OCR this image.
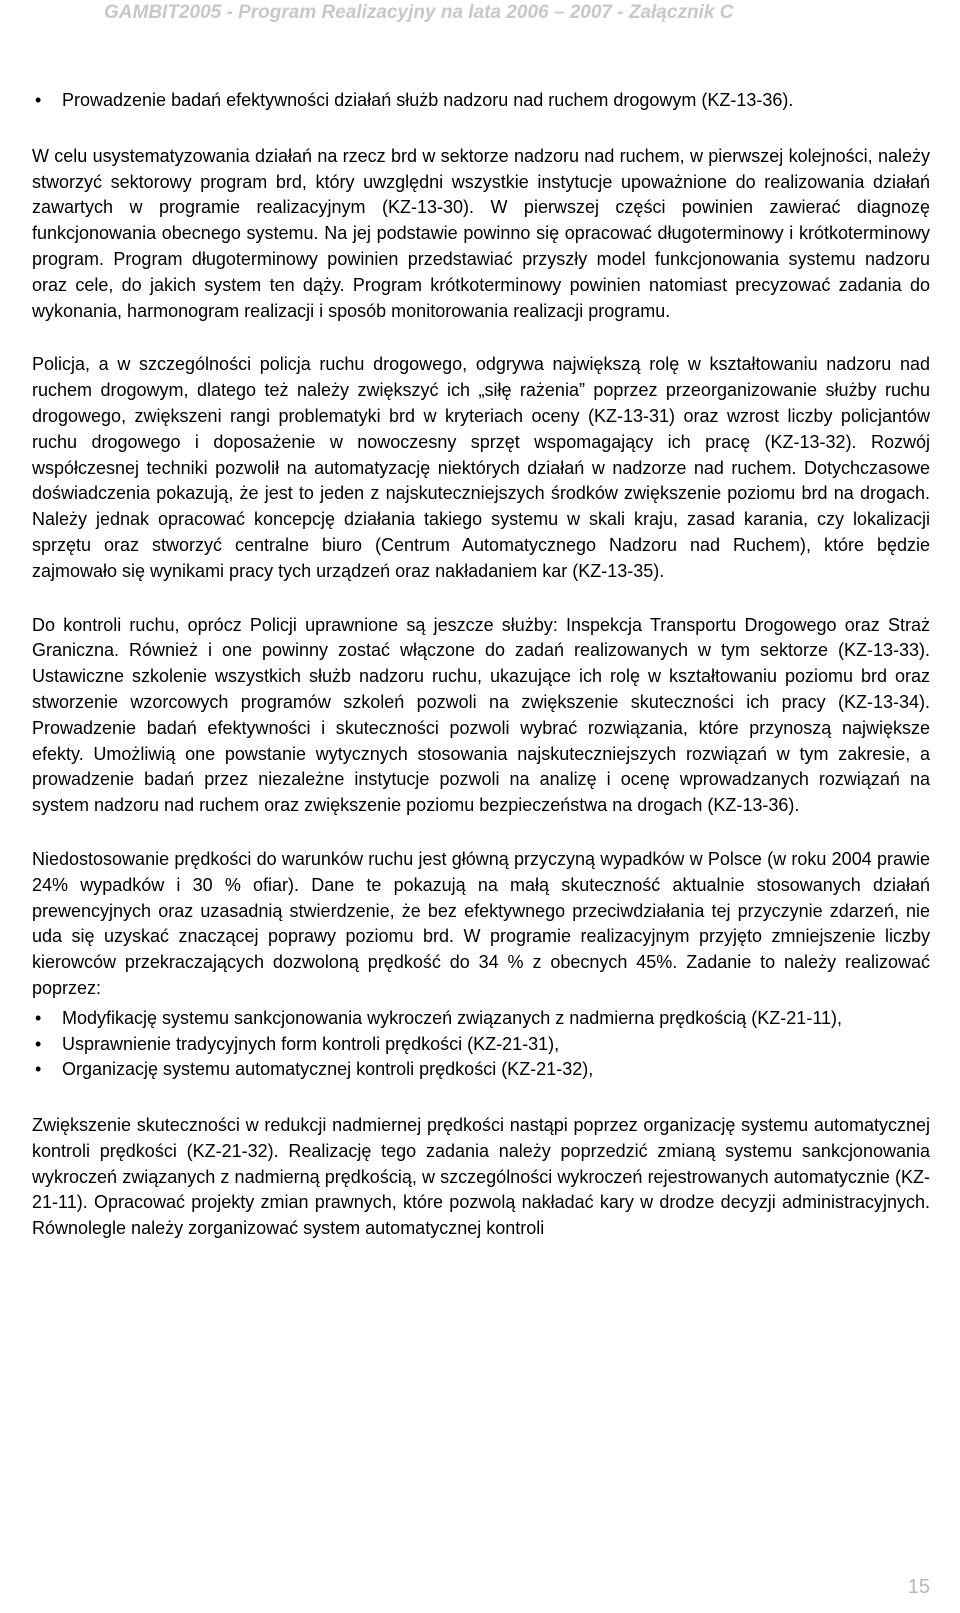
GAMBIT2005 - Program Realizacyjny na lata 2006 – 2007 - Załącznik C
• Prowadzenie badań efektywności działań służb nadzoru nad ruchem drogowym (KZ-13-36).

W celu usystematyzowania działań na rzecz brd w sektorze nadzoru nad ruchem, w pierwszej kolejności, należy stworzyć sektorowy program brd, który uwzględni wszystkie instytucje upoważnione do realizowania działań zawartych w programie realizacyjnym (KZ-13-30). W pierwszej części powinien zawierać diagnozę funkcjonowania obecnego systemu. Na jej podstawie powinno się opracować długoterminowy i krótkoterminowy program. Program długoterminowy powinien przedstawiać przyszły model funkcjonowania systemu nadzoru oraz cele, do jakich system ten dąży. Program krótkoterminowy powinien natomiast precyzować zadania do wykonania, harmonogram realizacji i sposób monitorowania realizacji programu.

Policja, a w szczególności policja ruchu drogowego, odgrywa największą rolę w kształtowaniu nadzoru nad ruchem drogowym, dlatego też należy zwiększyć ich „siłę rażenia” poprzez przeorganizowanie służby ruchu drogowego, zwiększeni rangi problematyki brd w kryteriach oceny (KZ-13-31) oraz wzrost liczby policjantów ruchu drogowego i doposażenie w nowoczesny sprzęt wspomagający ich pracę (KZ-13-32). Rozwój współczesnej techniki pozwolił na automatyzację niektórych działań w nadzorze nad ruchem. Dotychczasowe doświadczenia pokazują, że jest to jeden z najskuteczniejszych środków zwiększenie poziomu brd na drogach. Należy jednak opracować koncepcję działania takiego systemu w skali kraju, zasad karania, czy lokalizacji sprzętu oraz stworzyć centralne biuro (Centrum Automatycznego Nadzoru nad Ruchem), które będzie zajmowało się wynikami pracy tych urządzeń oraz nakładaniem kar (KZ-13-35).

Do kontroli ruchu, oprócz Policji uprawnione są jeszcze służby: Inspekcja Transportu Drogowego oraz Straż Graniczna. Również i one powinny zostać włączone do zadań realizowanych w tym sektorze (KZ-13-33). Ustawiczne szkolenie wszystkich służb nadzoru ruchu, ukazujące ich rolę w kształtowaniu poziomu brd oraz stworzenie wzorcowych programów szkoleń pozwoli na zwiększenie skuteczności ich pracy (KZ-13-34). Prowadzenie badań efektywności i skuteczności pozwoli wybrać rozwiązania, które przynoszą największe efekty. Umożliwią one powstanie wytycznych stosowania najskuteczniejszych rozwiązań w tym zakresie, a prowadzenie badań przez niezależne instytucje pozwoli na analizę i ocenę wprowadzanych rozwiązań na system nadzoru nad ruchem oraz zwiększenie poziomu bezpieczeństwa na drogach (KZ-13-36).

Niedostosowanie prędkości do warunków ruchu jest główną przyczyną wypadków w Polsce (w roku 2004 prawie 24% wypadków i 30 % ofiar). Dane te pokazują na małą skuteczność aktualnie stosowanych działań prewencyjnych oraz uzasadnią stwierdzenie, że bez efektywnego przeciwdziałania tej przyczynie zdarzeń, nie uda się uzyskać znaczącej poprawy poziomu brd. W programie realizacyjnym przyjęto zmniejszenie liczby kierowców przekraczających dozwoloną prędkość do 34 % z obecnych 45%. Zadanie to należy realizować poprzez:

• Modyfikację systemu sankcjonowania wykroczeń związanych z nadmierna prędkością (KZ-21-11),
• Usprawnienie tradycyjnych form kontroli prędkości (KZ-21-31),
• Organizację systemu automatycznej kontroli prędkości (KZ-21-32),

Zwiększenie skuteczności w redukcji nadmiernej prędkości nastąpi poprzez organizację systemu automatycznej kontroli prędkości (KZ-21-32). Realizację tego zadania należy poprzedzić zmianą systemu sankcjonowania wykroczeń związanych z nadmierną prędkością, w szczególności wykroczeń rejestrowanych automatycznie (KZ-21-11). Opracować projekty zmian prawnych, które pozwolą nakładać kary w drodze decyzji administracyjnych. Równolegle należy zorganizować system automatycznej kontroli

15
